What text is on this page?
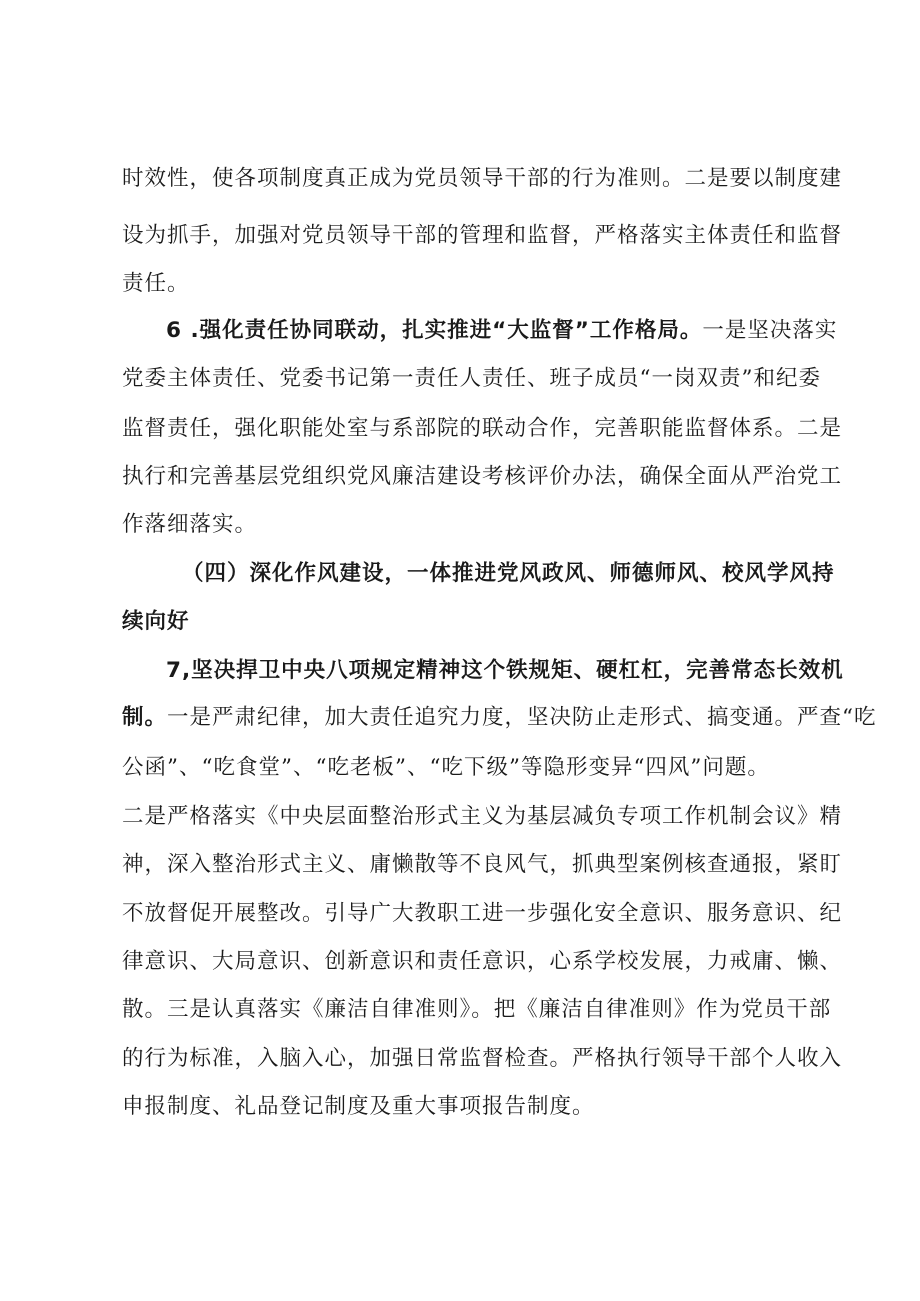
时效性，使各项制度真正成为党员领导干部的行为准则。二是要以制度建
设为抓手，加强对党员领导干部的管理和监督，严格落实主体责任和监督
责任。
6 .强化责任协同联动，扎实推进“大监督”工作格局。一是坚决落实
党委主体责任、党委书记第一责任人责任、班子成员“一岗双责”和纪委
监督责任，强化职能处室与系部院的联动合作，完善职能监督体系。二是
执行和完善基层党组织党风廉洁建设考核评价办法，确保全面从严治党工
作落细落实。
（四）深化作风建设，一体推进党风政风、师德师风、校风学风持
续向好
7,坚决捍卫中央八项规定精神这个铁规矩、硬杠杠，完善常态长效机
制。一是严肃纪律，加大责任追究力度，坚决防止走形式、搞变通。严查“吃
公函”、“吃食堂”、“吃老板”、“吃下级”等隐形变异“四风”问题。
二是严格落实《中央层面整治形式主义为基层减负专项工作机制会议》精
神，深入整治形式主义、庸懒散等不良风气，抓典型案例核查通报，紧盯
不放督促开展整改。引导广大教职工进一步强化安全意识、服务意识、纪
律意识、大局意识、创新意识和责任意识，心系学校发展，力戒庸、懒、
散。三是认真落实《廉洁自律准则》。把《廉洁自律准则》作为党员干部
的行为标准，入脑入心，加强日常监督检查。严格执行领导干部个人收入
申报制度、礼品登记制度及重大事项报告制度。
